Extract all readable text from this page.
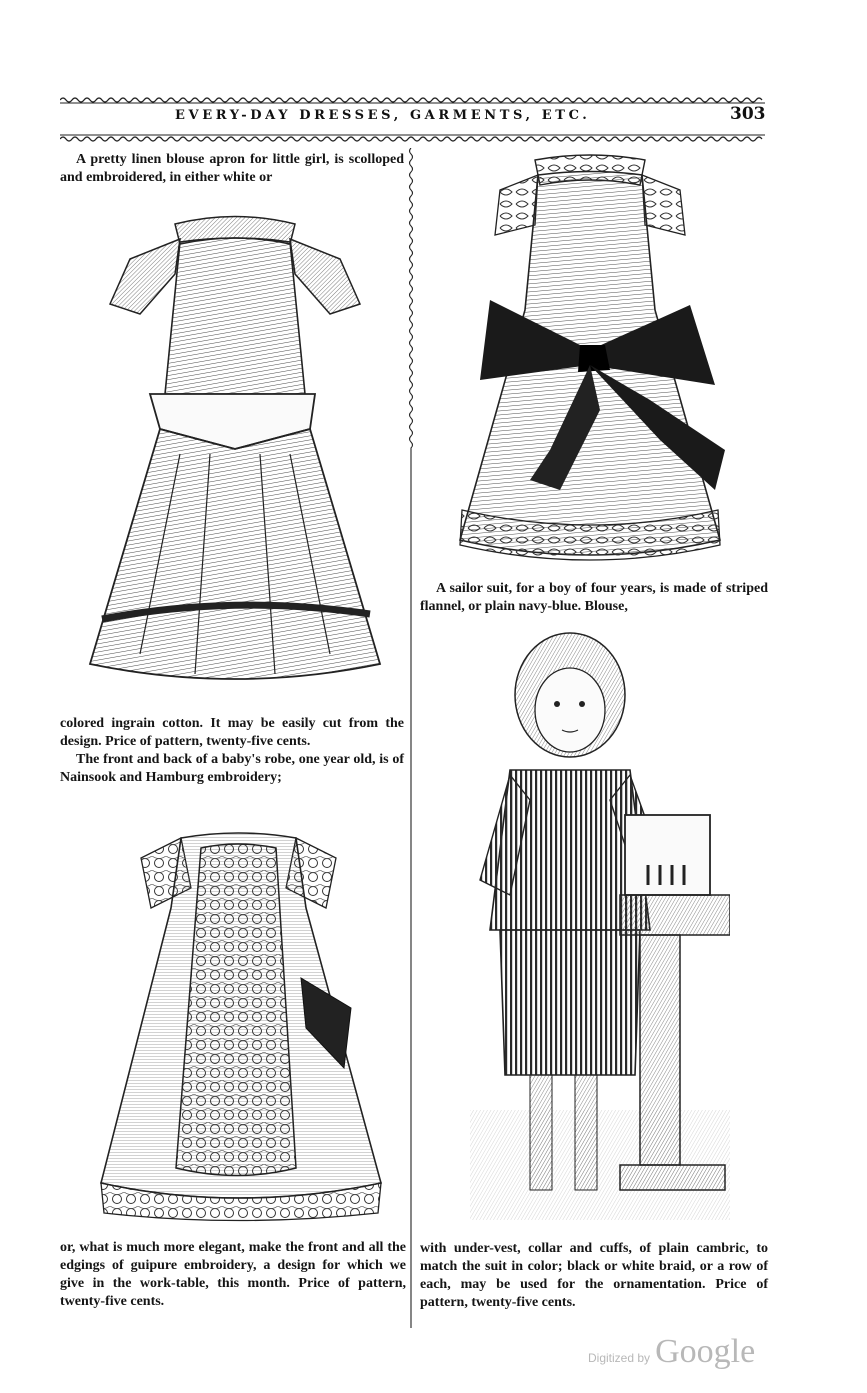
EVERY-DAY DRESSES, GARMENTS, ETC.	303

A pretty linen blouse apron for little girl, is scolloped and embroidered, in either white or

colored ingrain cotton. It may be easily cut from the design. Price of pattern, twenty-five cents.

The front and back of a baby's robe, one year old, is of Nainsook and Hamburg embroidery;

or, what is much more elegant, make the front and all the edgings of guipure embroidery, a design for which we give in the work-table, this month. Price of pattern, twenty-five cents.

A sailor suit, for a boy of four years, is made of striped flannel, or plain navy-blue. Blouse,

with under-vest, collar and cuffs, of plain cambric, to match the suit in color; black or white braid, or a row of each, may be used for the ornamentation. Price of pattern, twenty-five cents.

Digitized by Google
